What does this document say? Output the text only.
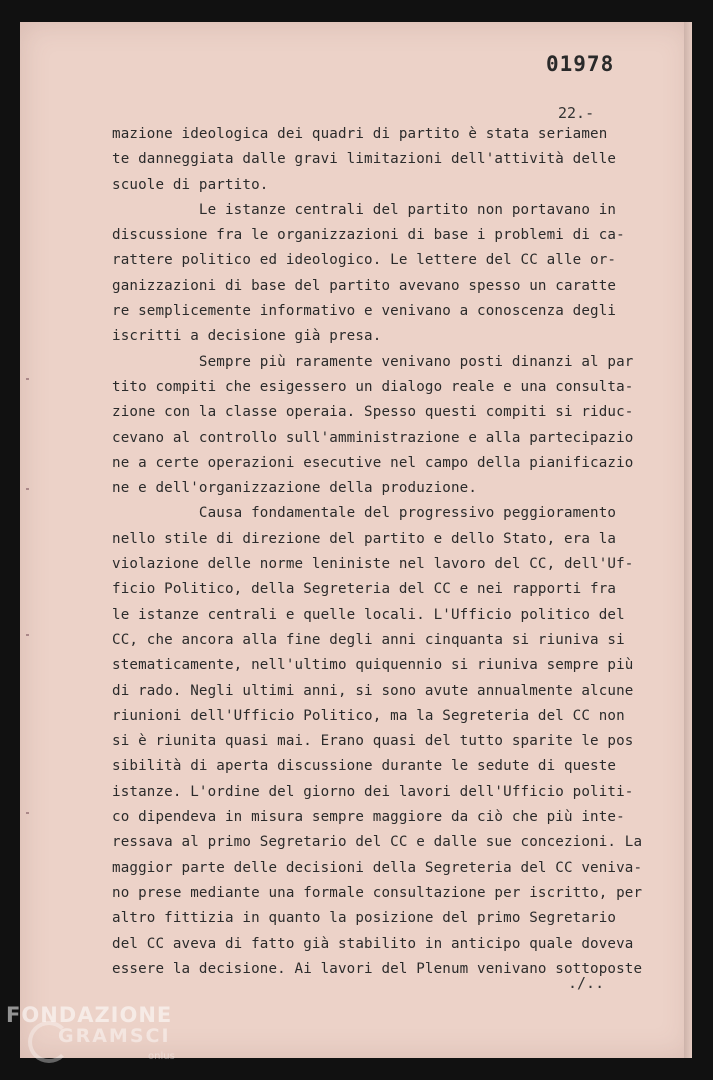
01978
22.-
mazione ideologica dei quadri di partito è stata seriamen
te danneggiata dalle gravi limitazioni dell'attività delle
scuole di partito.
Le istanze centrali del partito non portavano in
discussione fra le organizzazioni di base i problemi di ca-
rattere politico ed ideologico. Le lettere del CC alle or-
ganizzazioni di base del partito avevano spesso un caratte
re semplicemente informativo e venivano a conoscenza degli
iscritti a decisione già presa.
Sempre più raramente venivano posti dinanzi al par
tito compiti che esigessero un dialogo reale e una consulta-
zione con la classe operaia. Spesso questi compiti si riduc-
cevano al controllo sull'amministrazione e alla partecipazio
ne a certe operazioni esecutive nel campo della pianificazio
ne e dell'organizzazione della produzione.
Causa fondamentale del progressivo peggioramento
nello stile di direzione del partito e dello Stato, era la
violazione delle norme leniniste nel lavoro del CC, dell'Uf-
ficio Politico, della Segreteria del CC e nei rapporti fra
le istanze centrali e quelle locali. L'Ufficio politico del
CC, che ancora alla fine degli anni cinquanta si riuniva si
stematicamente, nell'ultimo quiquennio si riuniva sempre più
di rado. Negli ultimi anni, si sono avute annualmente alcune
riunioni dell'Ufficio Politico, ma la Segreteria del CC non
si è riunita quasi mai. Erano quasi del tutto sparite le pos
sibilità di aperta discussione durante le sedute di queste
istanze. L'ordine del giorno dei lavori dell'Ufficio politi-
co dipendeva in misura sempre maggiore da ciò che più inte-
ressava al primo Segretario del CC e dalle sue concezioni. La
maggior parte delle decisioni della Segreteria del CC veniva-
no prese mediante una formale consultazione per iscritto, per
altro fittizia in quanto la posizione del primo Segretario
del CC aveva di fatto già stabilito in anticipo quale doveva
essere la decisione. Ai lavori del Plenum venivano sottoposte
./..
FONDAZIONE
GRAMSCI
onlus
